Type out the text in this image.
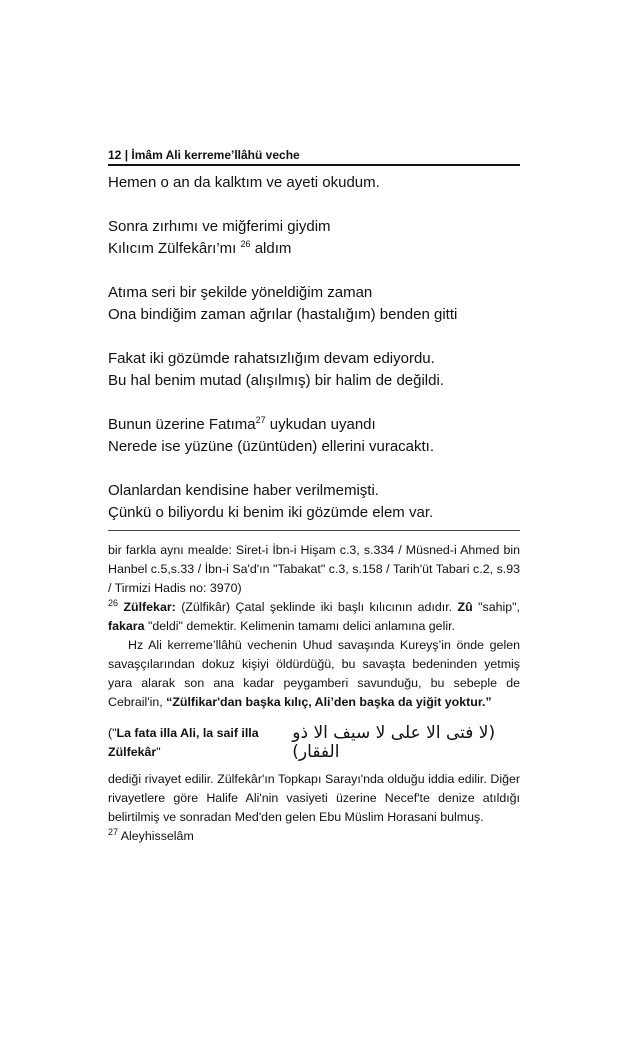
12 | İmâm Ali kerreme’llâhü veche

Hemen o an da kalktım ve ayeti okudum.

Sonra zırhımı ve miğferimi giydim

Kılıcım Zülfekârı’mı $^{26}$ aldım

Atıma seri bir şekilde yöneldiğim zaman

Ona bindiğim zaman ağrılar (hastalığım) benden gitti

Fakat iki gözümde rahatsızlığım devam ediyordu.

Bu hal benim mutad (alışılmış) bir halim de değildi.

Bunun üzerine Fatıma$^{27}$ uykudan uyandı

Nerede ise yüzüne (üzüntüden) ellerini vuracaktı.

Olanlardan kendisine haber verilmemişti.

Çünkü o biliyordu ki benim iki gözümde elem var.

bir farkla aynı mealde: Siret-i İbn-i Hişam c.3, s.334 / Müsned-i Ahmed bin Hanbel c.5,s.33 / İbn-i Sa'd'ın "Tabakat" c.3, s.158 / Tarih'üt Tabari c.2, s.93 / Tirmizi Hadis no: 3970)

$^{26}$ Zülfekar: (Zülfikâr) Çatal şeklinde iki başlı kılıcının adıdır. Zû "sahip", fakara "deldi" demektir. Kelimenin tamamı delici anlamına gelir.

Hz Ali kerreme’llâhü vechenin Uhud savaşında Kureyş’in önde gelen savaşçılarından dokuz kişiyi öldürdüğü, bu savaşta bedeninden yetmiş yara alarak son ana kadar peygamberi savunduğu, bu sebeple de Cebrail'in, “Zülfikar'dan başka kılıç, Ali’den başka da yiğit yoktur.”

("La fata illa Ali, la saif illa Zülfekâr"
(لا فتى الا على لا سيف الا ذو الفقار)

dediği rivayet edilir. Zülfekâr'ın Topkapı Sarayı'nda olduğu iddia edilir. Diğer rivayetlere göre Halife Ali'nin vasiyeti üzerine Necef'te denize atıldığı belirtilmiş ve sonradan Med'den gelen Ebu Müslim Horasani bulmuş.

$^{27}$ Aleyhisselâm
